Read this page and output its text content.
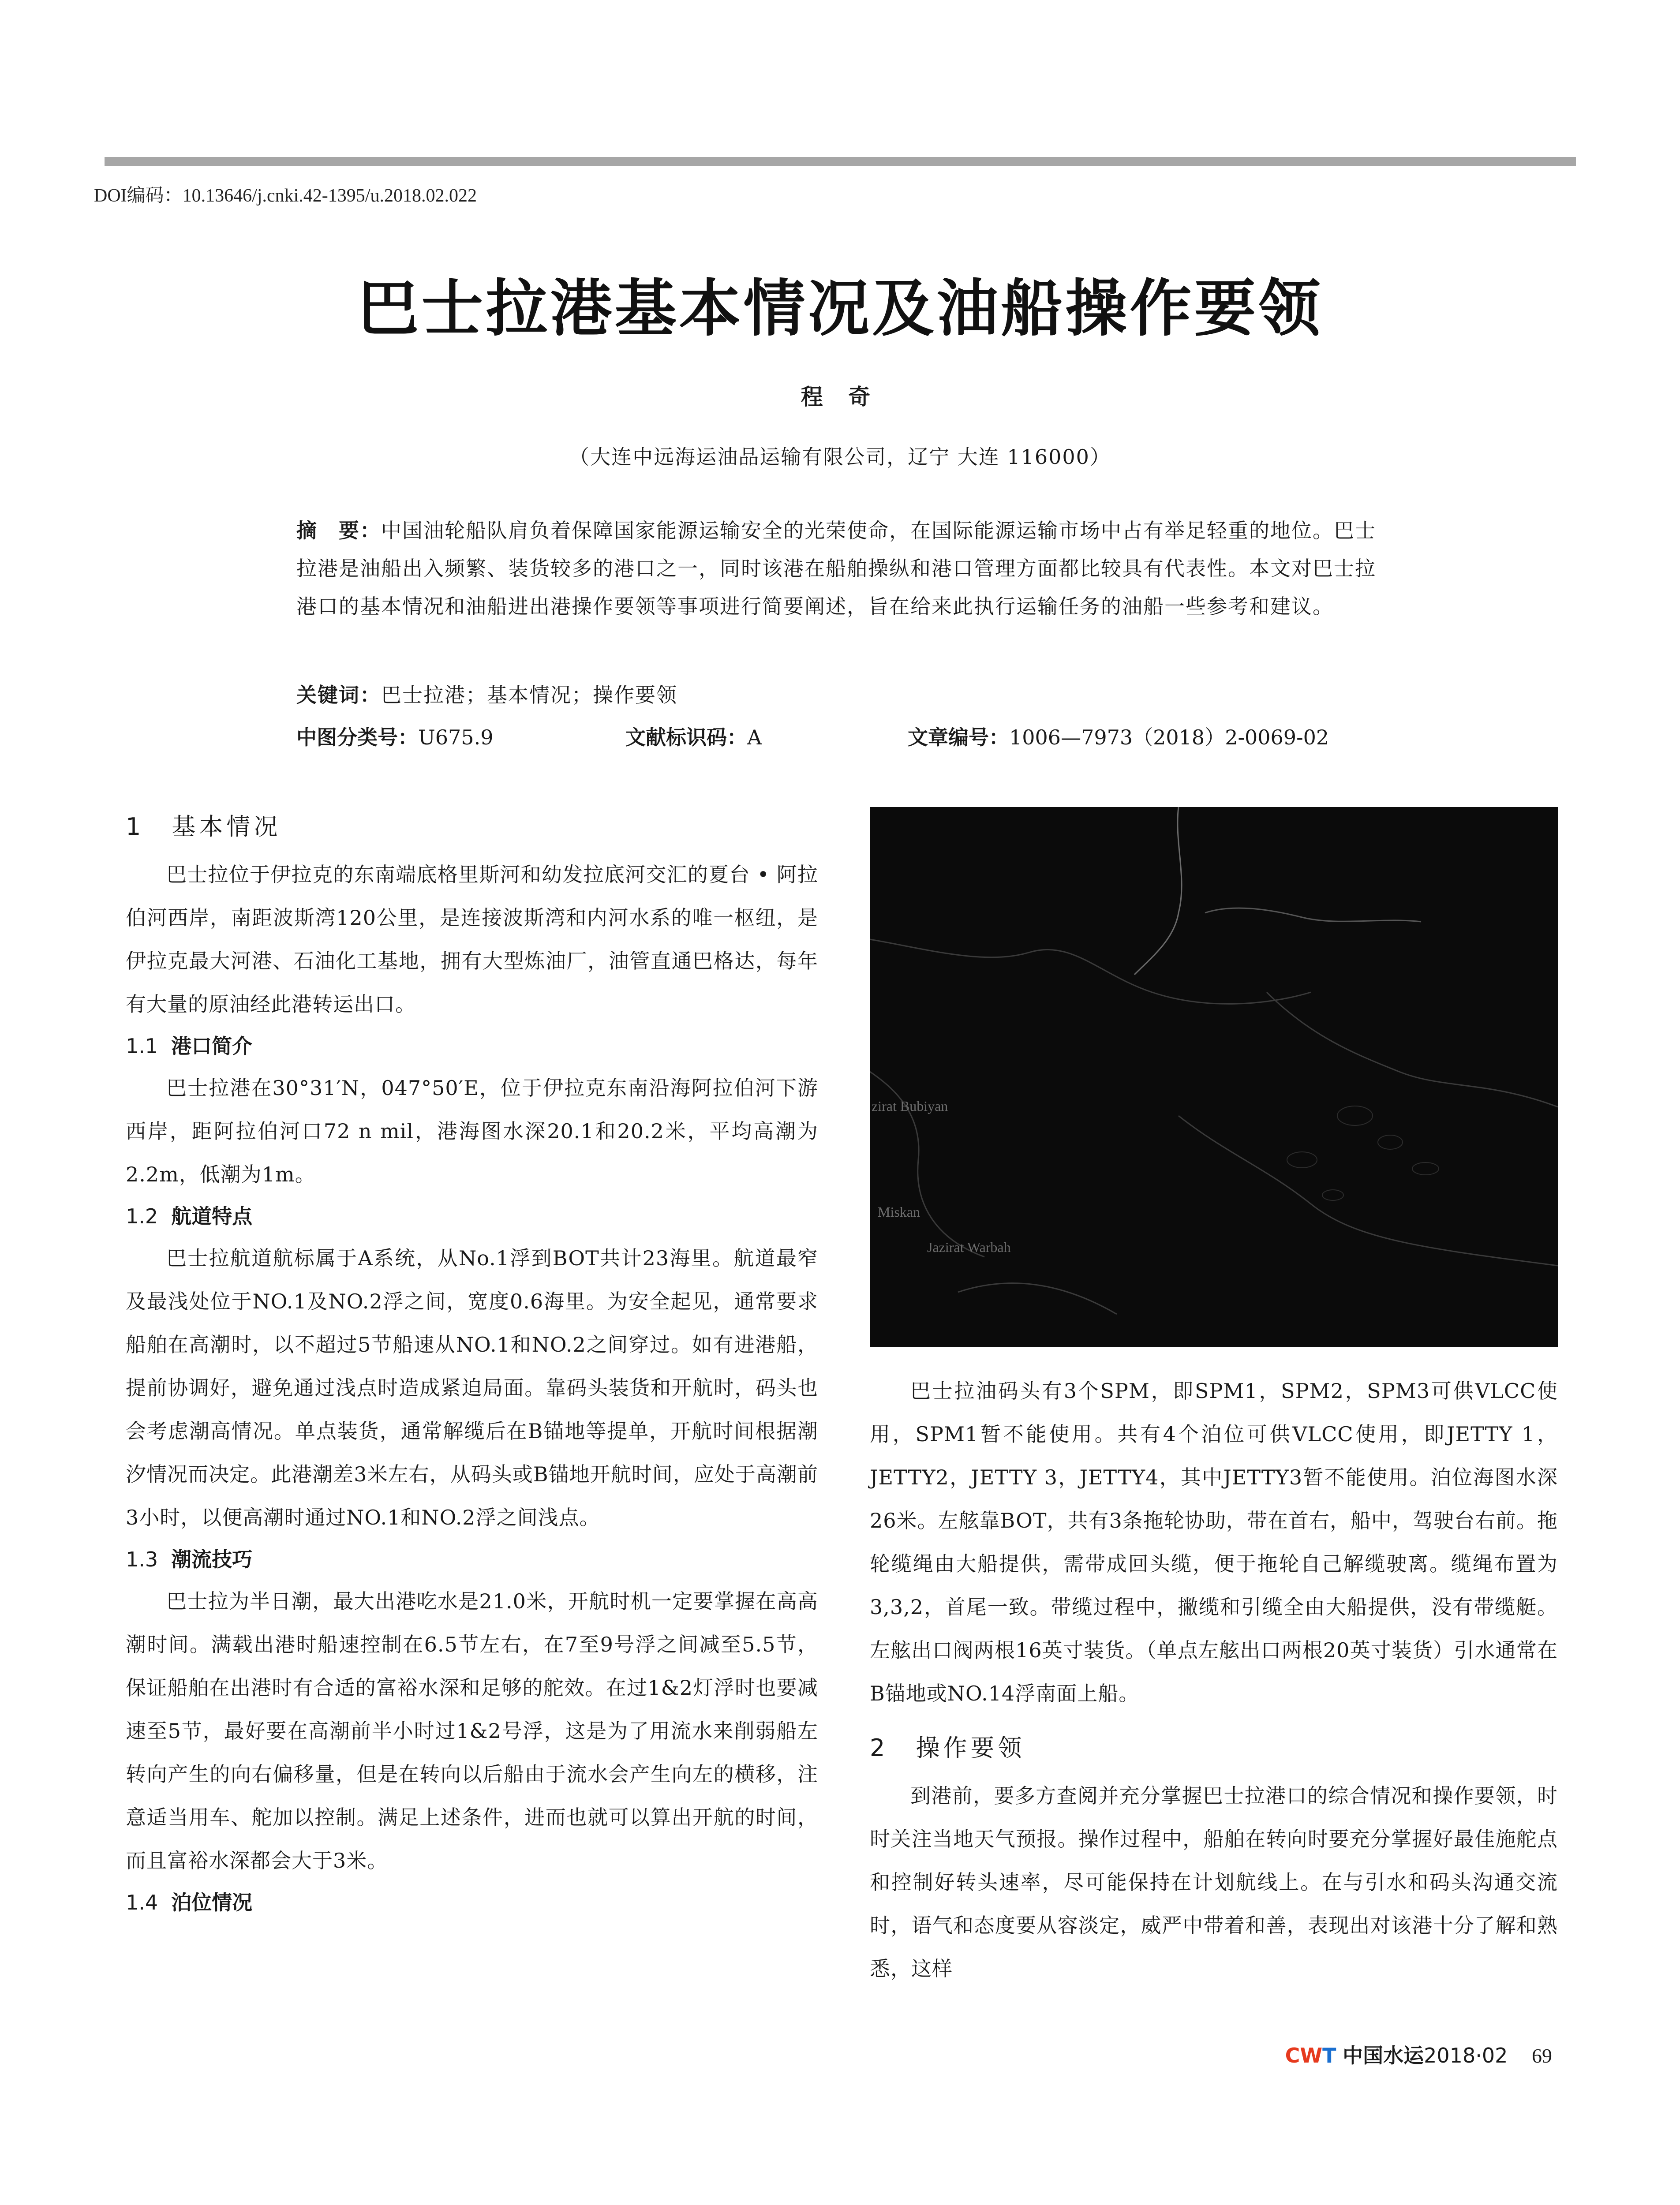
DOI编码：10.13646/j.cnki.42-1395/u.2018.02.022
巴士拉港基本情况及油船操作要领
程 奇
（大连中远海运油品运输有限公司，辽宁 大连 116000）

摘　要：中国油轮船队肩负着保障国家能源运输安全的光荣使命，在国际能源运输市场中占有举足轻重的地位。巴士拉港是油船出入频繁、装货较多的港口之一，同时该港在船舶操纵和港口管理方面都比较具有代表性。本文对巴士拉港口的基本情况和油船进出港操作要领等事项进行简要阐述，旨在给来此执行运输任务的油船一些参考和建议。

关键词：巴士拉港；基本情况；操作要领
中图分类号：U675.9	文献标识码：A	文章编号：1006—7973（2018）2-0069-02
1　基本情况

巴士拉位于伊拉克的东南端底格里斯河和幼发拉底河交汇的夏台 • 阿拉伯河西岸，南距波斯湾120公里，是连接波斯湾和内河水系的唯一枢纽，是伊拉克最大河港、石油化工基地，拥有大型炼油厂，油管直通巴格达，每年有大量的原油经此港转运出口。

1.1 港口简介

巴士拉港在30°31′N，047°50′E，位于伊拉克东南沿海阿拉伯河下游西岸，距阿拉伯河口72 n mil，港海图水深20.1和20.2米，平均高潮为2.2m，低潮为1m。

1.2 航道特点

巴士拉航道航标属于A系统，从No.1浮到BOT共计23海里。航道最窄及最浅处位于NO.1及NO.2浮之间，宽度0.6海里。为安全起见，通常要求船舶在高潮时，以不超过5节船速从NO.1和NO.2之间穿过。如有进港船，提前协调好，避免通过浅点时造成紧迫局面。靠码头装货和开航时，码头也会考虑潮高情况。单点装货，通常解缆后在B锚地等提单，开航时间根据潮汐情况而决定。此港潮差3米左右，从码头或B锚地开航时间，应处于高潮前3小时，以便高潮时通过NO.1和NO.2浮之间浅点。

1.3 潮流技巧

巴士拉为半日潮，最大出港吃水是21.0米，开航时机一定要掌握在高高潮时间。满载出港时船速控制在6.5节左右，在7至9号浮之间减至5.5节，保证船舶在出港时有合适的富裕水深和足够的舵效。在过1&2灯浮时也要减速至5节，最好要在高潮前半小时过1&2号浮，这是为了用流水来削弱船左转向产生的向右偏移量，但是在转向以后船由于流水会产生向左的横移，注意适当用车、舵加以控制。满足上述条件，进而也就可以算出开航的时间，而且富裕水深都会大于3米。

1.4 泊位情况
zirat Bubiyan
Miskan
Jazirat Warbah

巴士拉油码头有3个SPM，即SPM1，SPM2，SPM3可供VLCC使用，SPM1暂不能使用。共有4个泊位可供VLCC使用，即JETTY 1，JETTY2，JETTY 3，JETTY4，其中JETTY3暂不能使用。泊位海图水深26米。左舷靠BOT，共有3条拖轮协助，带在首右，船中，驾驶台右前。拖轮缆绳由大船提供，需带成回头缆，便于拖轮自己解缆驶离。缆绳布置为3,3,2，首尾一致。带缆过程中，撇缆和引缆全由大船提供，没有带缆艇。左舷出口阀两根16英寸装货。（单点左舷出口两根20英寸装货）引水通常在B锚地或NO.14浮南面上船。

2　操作要领

到港前，要多方查阅并充分掌握巴士拉港口的综合情况和操作要领，时时关注当地天气预报。操作过程中，船舶在转向时要充分掌握好最佳施舵点和控制好转头速率，尽可能保持在计划航线上。在与引水和码头沟通交流时，语气和态度要从容淡定，威严中带着和善，表现出对该港十分了解和熟悉，这样

CWT 中国水运2018·02 69
